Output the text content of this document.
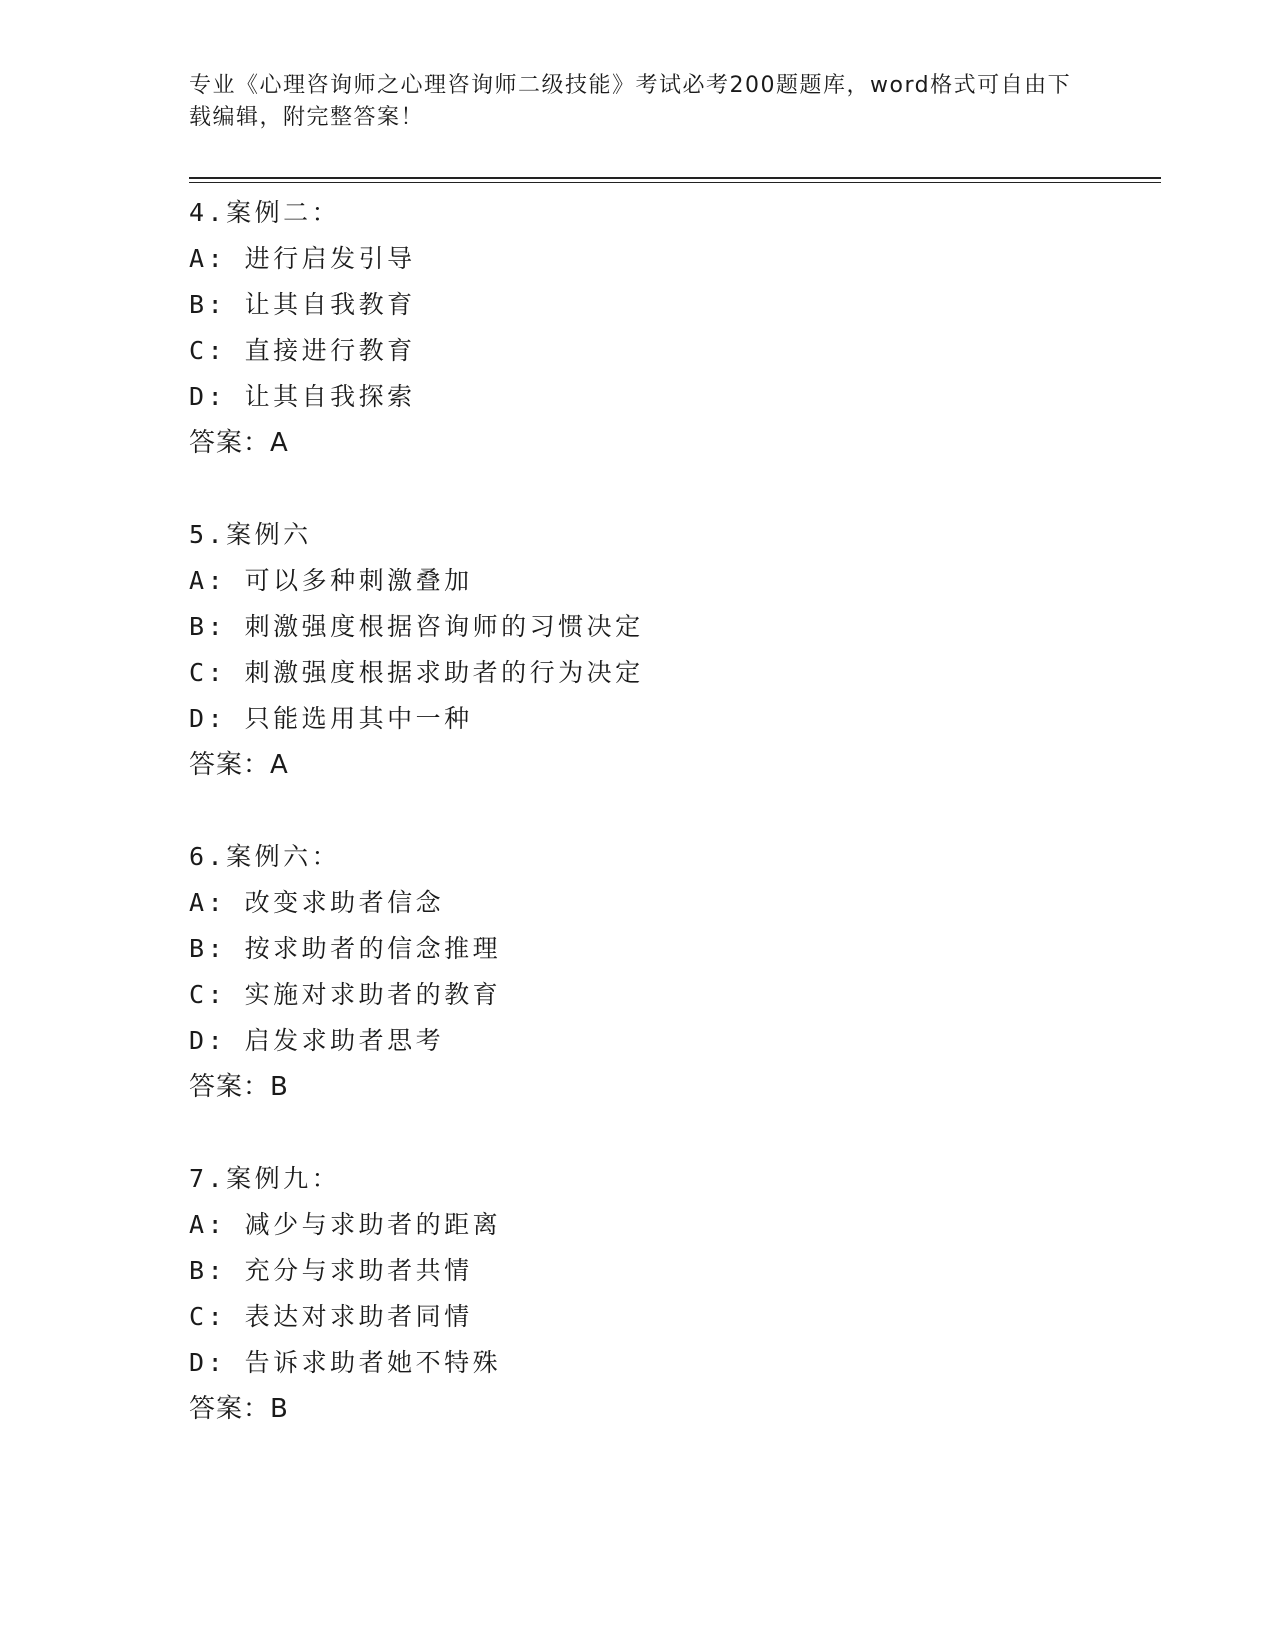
专业《心理咨询师之心理咨询师二级技能》考试必考200题题库，word格式可自由下载编辑，附完整答案！
4.案例二：
A: 进行启发引导
B: 让其自我教育
C: 直接进行教育
D: 让其自我探索
答案：A
5.案例六
A: 可以多种刺激叠加
B: 刺激强度根据咨询师的习惯决定
C: 刺激强度根据求助者的行为决定
D: 只能选用其中一种
答案：A
6.案例六：
A: 改变求助者信念
B: 按求助者的信念推理
C: 实施对求助者的教育
D: 启发求助者思考
答案：B
7.案例九：
A: 减少与求助者的距离
B: 充分与求助者共情
C: 表达对求助者同情
D: 告诉求助者她不特殊
答案：B
